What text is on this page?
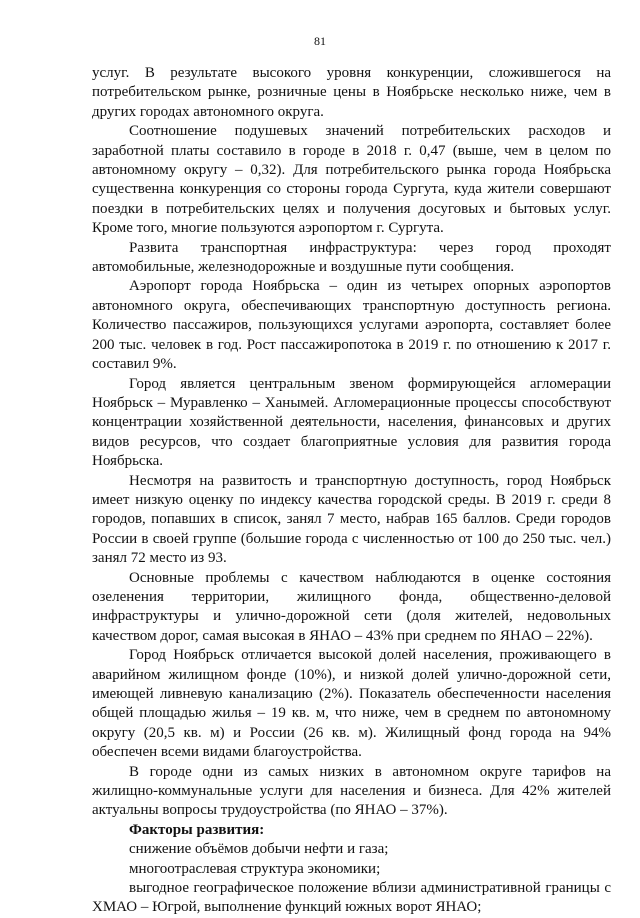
81

услуг. В результате высокого уровня конкуренции, сложившегося на потребительском рынке, розничные цены в Ноябрьске несколько ниже, чем в других городах автономного округа.

Соотношение подушевых значений потребительских расходов и заработной платы составило в городе в 2018 г. 0,47 (выше, чем в целом по автономному округу – 0,32). Для потребительского рынка города Ноябрьска существенна конкуренция со стороны города Сургута, куда жители совершают поездки в потребительских целях и получения досуговых и бытовых услуг. Кроме того, многие пользуются аэропортом г. Сургута.

Развита транспортная инфраструктура: через город проходят автомобильные, железнодорожные и воздушные пути сообщения.

Аэропорт города Ноябрьска – один из четырех опорных аэропортов автономного округа, обеспечивающих транспортную доступность региона. Количество пассажиров, пользующихся услугами аэропорта, составляет более 200 тыс. человек в год. Рост пассажиропотока в 2019 г. по отношению к 2017 г. составил 9%.

Город является центральным звеном формирующейся агломерации Ноябрьск – Муравленко – Ханымей. Агломерационные процессы способствуют концентрации хозяйственной деятельности, населения, финансовых и других видов ресурсов, что создает благоприятные условия для развития города Ноябрьска.

Несмотря на развитость и транспортную доступность, город Ноябрьск имеет низкую оценку по индексу качества городской среды. В 2019 г. среди 8 городов, попавших в список, занял 7 место, набрав 165 баллов. Среди городов России в своей группе (большие города с численностью от 100 до 250 тыс. чел.) занял 72 место из 93.

Основные проблемы с качеством наблюдаются в оценке состояния озеленения территории, жилищного фонда, общественно-деловой инфраструктуры и улично-дорожной сети (доля жителей, недовольных качеством дорог, самая высокая в ЯНАО – 43% при среднем по ЯНАО – 22%).

Город Ноябрьск отличается высокой долей населения, проживающего в аварийном жилищном фонде (10%), и низкой долей улично-дорожной сети, имеющей ливневую канализацию (2%). Показатель обеспеченности населения общей площадью жилья – 19 кв. м, что ниже, чем в среднем по автономному округу (20,5 кв. м) и России (26 кв. м). Жилищный фонд города на 94% обеспечен всеми видами благоустройства.

В городе одни из самых низких в автономном округе тарифов на жилищно-коммунальные услуги для населения и бизнеса. Для 42% жителей актуальны вопросы трудоустройства (по ЯНАО – 37%).

Факторы развития:

снижение объёмов добычи нефти и газа;

многоотраслевая структура экономики;

выгодное географическое положение вблизи административной границы с ХМАО – Югрой, выполнение функций южных ворот ЯНАО;
